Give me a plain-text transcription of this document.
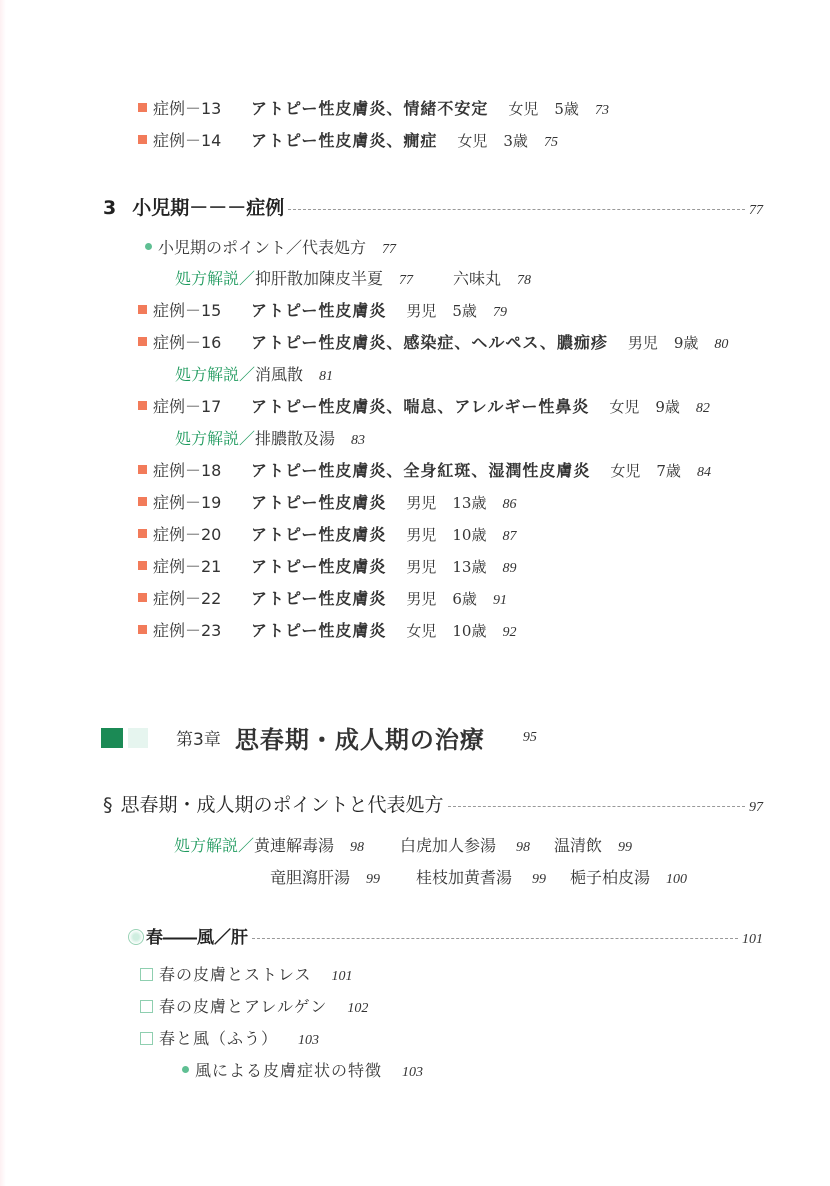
症例－13	アトピー性皮膚炎、情緒不安定 女児 5歳 73
症例－14	アトピー性皮膚炎、癇症 女児 3歳 75
3 小児期－－－症例	77
小児期のポイント／代表処方 77
処方解説／ 抑肝散加陳皮半夏 77	六味丸 78
症例－15	アトピー性皮膚炎 男児 5歳 79
症例－16	アトピー性皮膚炎、感染症、ヘルペス、膿痂疹 男児 9歳 80
処方解説／ 消風散 81
症例－17	アトピー性皮膚炎、喘息、アレルギー性鼻炎 女児 9歳 82
処方解説／ 排膿散及湯 83
症例－18	アトピー性皮膚炎、全身紅斑、湿潤性皮膚炎 女児 7歳 84
症例－19	アトピー性皮膚炎 男児 13歳 86
症例－20	アトピー性皮膚炎 男児 10歳 87
症例－21	アトピー性皮膚炎 男児 13歳 89
症例－22	アトピー性皮膚炎 男児 6歳 91
症例－23	アトピー性皮膚炎 女児 10歳 92
第3章 思春期・成人期の治療	95
§ 思春期・成人期のポイントと代表処方	97
処方解説／ 黄連解毒湯 98 白虎加人参湯 98 温清飲 99
竜胆瀉肝湯 99 桂枝加黄耆湯 99 梔子柏皮湯 100
春――風／肝	101
春の皮膚とストレス 101
春の皮膚とアレルゲン 102
春と風（ふう） 103
風による皮膚症状の特徴 103
